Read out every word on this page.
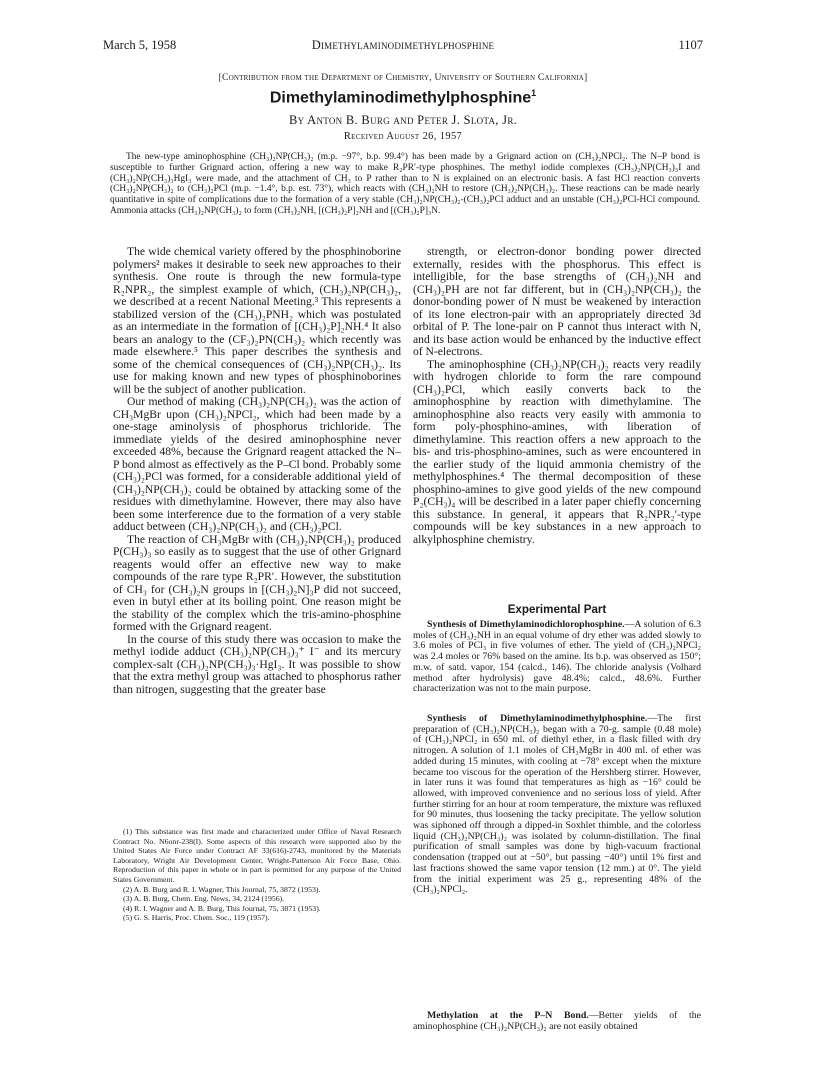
March 5, 1958	Dimethylaminodimethylphosphine	1107
[Contribution from the Department of Chemistry, University of Southern California]
Dimethylaminodimethylphosphine$^1$
By Anton B. Burg and Peter J. Slota, Jr.
Received August 26, 1957

The new-type aminophosphine (CH₃)₂NP(CH₃)₂ (m.p. −97°, b.p. 99.4°) has been made by a Grignard action on (CH₃)₂NPCl₂. The N–P bond is susceptible to further Grignard action, offering a new way to make R₂PR′-type phosphines. The methyl iodide complexes (CH₃)₂NP(CH₃)₃I and (CH₃)₂NP(CH₃)₃HgI₃ were made, and the attachment of CH₃ to P rather than to N is explained on an electronic basis. A fast HCl reaction converts (CH₃)₂NP(CH₃)₂ to (CH₃)₂PCl (m.p. −1.4°, b.p. est. 73°), which reacts with (CH₃)₂NH to restore (CH₃)₂NP(CH₃)₂. These reactions can be made nearly quantitative in spite of complications due to the formation of a very stable (CH₃)₂NP(CH₃)₂-(CH₃)₂PCl adduct and an unstable (CH₃)₂PCl-HCl compound. Ammonia attacks (CH₃)₂NP(CH₃)₂ to form (CH₃)₂NH, [(CH₃)₂P]₂NH and [(CH₃)₂P]₃N.

The wide chemical variety offered by the phosphinoborine polymers² makes it desirable to seek new approaches to their synthesis. One route is through the new formula-type R₂NPR₂, the simplest example of which, (CH₃)₂NP(CH₃)₂, we described at a recent National Meeting.³ This represents a stabilized version of the (CH₃)₂PNH₂ which was postulated as an intermediate in the formation of [(CH₃)₂P]₂NH.⁴ It also bears an analogy to the (CF₃)₂PN(CH₃)₂ which recently was made elsewhere.⁵ This paper describes the synthesis and some of the chemical consequences of (CH₃)₂NP(CH₃)₂. Its use for making known and new types of phosphinoborines will be the subject of another publication.

Our method of making (CH₃)₂NP(CH₃)₂ was the action of CH₃MgBr upon (CH₃)₂NPCl₂, which had been made by a one-stage aminolysis of phosphorus trichloride. The immediate yields of the desired aminophosphine never exceeded 48%, because the Grignard reagent attacked the N–P bond almost as effectively as the P–Cl bond. Probably some (CH₃)₂PCl was formed, for a considerable additional yield of (CH₃)₂NP(CH₃)₂ could be obtained by attacking some of the residues with dimethylamine. However, there may also have been some interference due to the formation of a very stable adduct between (CH₃)₂NP(CH₃)₂ and (CH₃)₂PCl.

The reaction of CH₃MgBr with (CH₃)₂NP(CH₃)₂ produced P(CH₃)₃ so easily as to suggest that the use of other Grignard reagents would offer an effective new way to make compounds of the rare type R₂PR′. However, the substitution of CH₃ for (CH₃)₂N groups in [(CH₃)₂N]₃P did not succeed, even in butyl ether at its boiling point. One reason might be the stability of the complex which the tris-amino-phosphine formed with the Grignard reagent.

In the course of this study there was occasion to make the methyl iodide adduct (CH₃)₂NP(CH₃)₃⁺ I⁻ and its mercury complex-salt (CH₃)₂NP(CH₃)₃·HgI₃. It was possible to show that the extra methyl group was attached to phosphorus rather than nitrogen, suggesting that the greater base

(1) This substance was first made and characterized under Office of Naval Research Contract No. N6onr-238(I). Some aspects of this research were supported also by the United States Air Force under Contract AF 33(616)-2743, monitored by the Materials Laboratory, Wright Air Development Center, Wright-Patterson Air Force Base, Ohio. Reproduction of this paper in whole or in part is permitted for any purpose of the United States Government.

(2) A. B. Burg and R. I. Wagner, This Journal, 75, 3872 (1953).

(3) A. B. Burg, Chem. Eng. News, 34, 2124 (1956).

(4) R. I. Wagner and A. B. Burg, This Journal, 75, 3871 (1953).

(5) G. S. Harris, Proc. Chem. Soc., 119 (1957).

strength, or electron-donor bonding power directed externally, resides with the phosphorus. This effect is intelligible, for the base strengths of (CH₃)₂NH and (CH₃)₂PH are not far different, but in (CH₃)₂NP(CH₃)₂ the donor-bonding power of N must be weakened by interaction of its lone electron-pair with an appropriately directed 3d orbital of P. The lone-pair on P cannot thus interact with N, and its base action would be enhanced by the inductive effect of N-electrons.

The aminophosphine (CH₃)₂NP(CH₃)₂ reacts very readily with hydrogen chloride to form the rare compound (CH₃)₂PCl, which easily converts back to the aminophosphine by reaction with dimethylamine. The aminophosphine also reacts very easily with ammonia to form poly-phosphino-amines, with liberation of dimethylamine. This reaction offers a new approach to the bis- and tris-phosphino-amines, such as were encountered in the earlier study of the liquid ammonia chemistry of the methylphosphines.⁴ The thermal decomposition of these phosphino-amines to give good yields of the new compound P₂(CH₃)₄ will be described in a later paper chiefly concerning this substance. In general, it appears that R₂NPR₂′-type compounds will be key substances in a new approach to alkylphosphine chemistry.

Experimental Part

Synthesis of Dimethylaminodichlorophosphine.—A solution of 6.3 moles of (CH₃)₂NH in an equal volume of dry ether was added slowly to 3.6 moles of PCl₃ in five volumes of ether. The yield of (CH₃)₂NPCl₂ was 2.4 moles or 76% based on the amine. Its b.p. was observed as 150°; m.w. of satd. vapor, 154 (calcd., 146). The chloride analysis (Volhard method after hydrolysis) gave 48.4%; calcd., 48.6%. Further characterization was not to the main purpose.

Synthesis of Dimethylaminodimethylphosphine.—The first preparation of (CH₃)₂NP(CH₃)₂ began with a 70-g. sample (0.48 mole) of (CH₃)₂NPCl₂ in 650 ml. of diethyl ether, in a flask filled with dry nitrogen. A solution of 1.1 moles of CH₃MgBr in 400 ml. of ether was added during 15 minutes, with cooling at −78° except when the mixture became too viscous for the operation of the Hershberg stirrer. However, in later runs it was found that temperatures as high as −16° could be allowed, with improved convenience and no serious loss of yield. After further stirring for an hour at room temperature, the mixture was refluxed for 90 minutes, thus loosening the tacky precipitate. The yellow solution was siphoned off through a dipped-in Soxhlet thimble, and the colorless liquid (CH₃)₂NP(CH₃)₂ was isolated by column-distillation. The final purification of small samples was done by high-vacuum fractional condensation (trapped out at −50°, but passing −40°) until 1% first and last fractions showed the same vapor tension (12 mm.) at 0°. The yield from the initial experiment was 25 g., representing 48% of the (CH₃)₂NPCl₂.

Methylation at the P–N Bond.—Better yields of the aminophosphine (CH₃)₂NP(CH₃)₂ are not easily obtained
